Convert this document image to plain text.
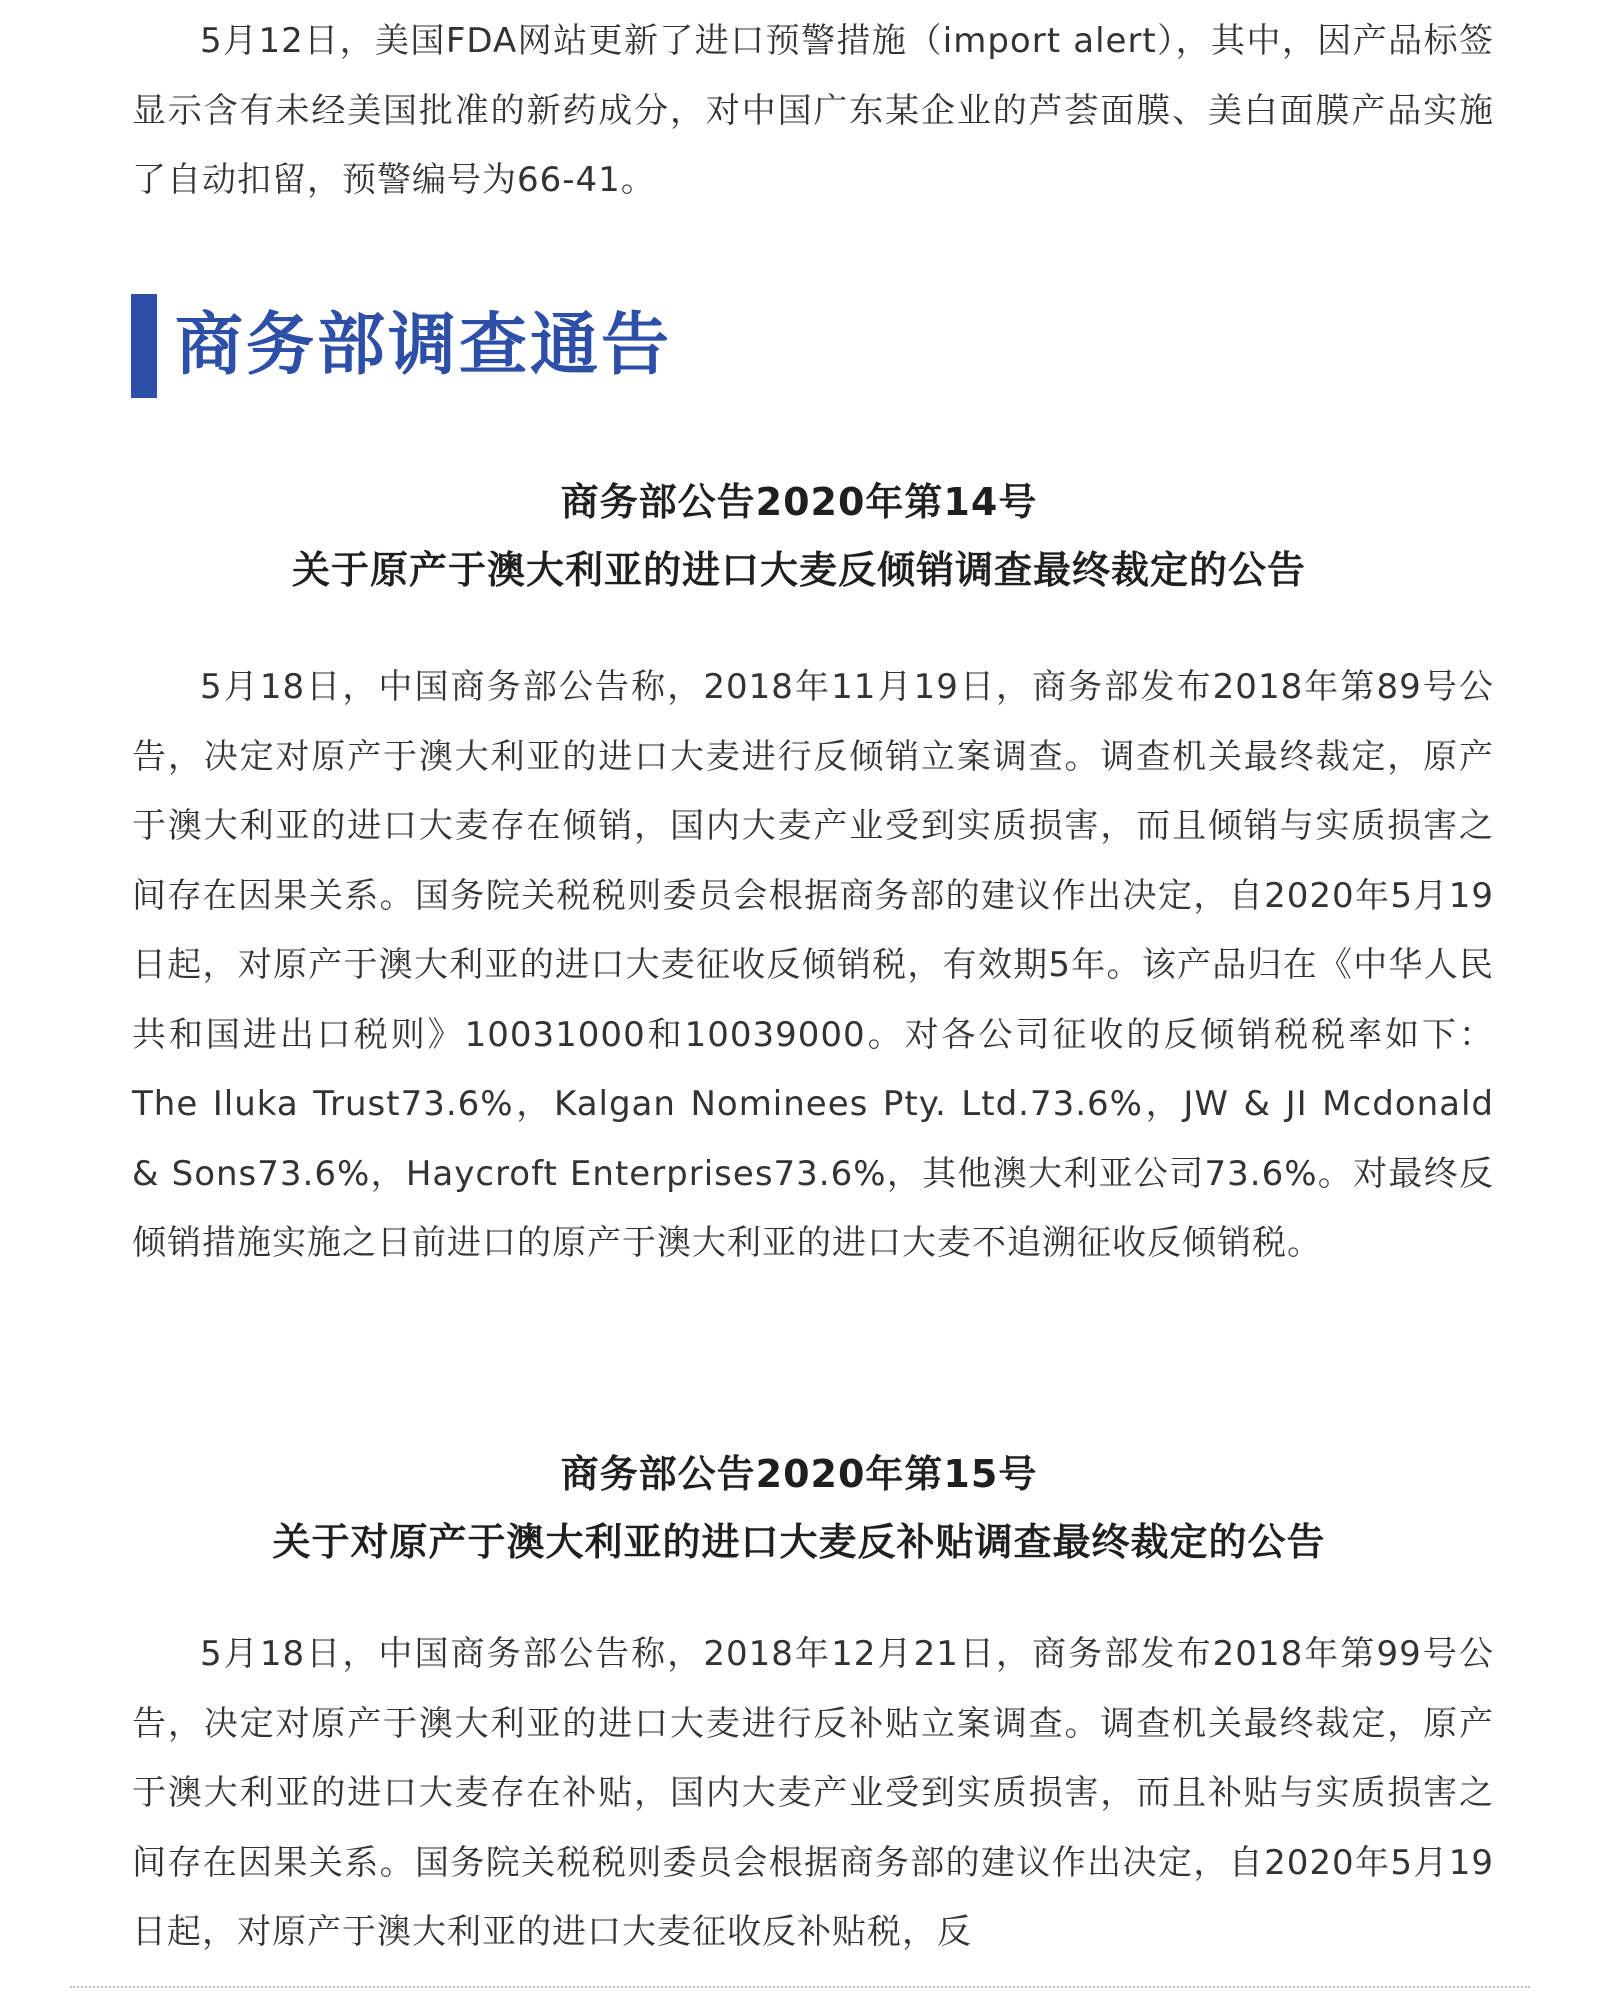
5月12日，美国FDA网站更新了进口预警措施（import alert），其中，因产品标签显示含有未经美国批准的新药成分，对中国广东某企业的芦荟面膜、美白面膜产品实施了自动扣留，预警编号为66-41。

商务部调查通告

商务部公告2020年第14号

关于原产于澳大利亚的进口大麦反倾销调查最终裁定的公告

5月18日，中国商务部公告称，2018年11月19日，商务部发布2018年第89号公告，决定对原产于澳大利亚的进口大麦进行反倾销立案调查。调查机关最终裁定，原产于澳大利亚的进口大麦存在倾销，国内大麦产业受到实质损害，而且倾销与实质损害之间存在因果关系。国务院关税税则委员会根据商务部的建议作出决定，自2020年5月19日起，对原产于澳大利亚的进口大麦征收反倾销税，有效期5年。该产品归在《中华人民共和国进出口税则》10031000和10039000。对各公司征收的反倾销税税率如下：The Iluka Trust73.6%，Kalgan Nominees Pty. Ltd.73.6%，JW & JI Mcdonald & Sons73.6%，Haycroft Enterprises73.6%，其他澳大利亚公司73.6%。对最终反倾销措施实施之日前进口的原产于澳大利亚的进口大麦不追溯征收反倾销税。

商务部公告2020年第15号

关于对原产于澳大利亚的进口大麦反补贴调查最终裁定的公告

5月18日，中国商务部公告称，2018年12月21日，商务部发布2018年第99号公告，决定对原产于澳大利亚的进口大麦进行反补贴立案调查。调查机关最终裁定，原产于澳大利亚的进口大麦存在补贴，国内大麦产业受到实质损害，而且补贴与实质损害之间存在因果关系。国务院关税税则委员会根据商务部的建议作出决定，自2020年5月19日起，对原产于澳大利亚的进口大麦征收反补贴税，反
